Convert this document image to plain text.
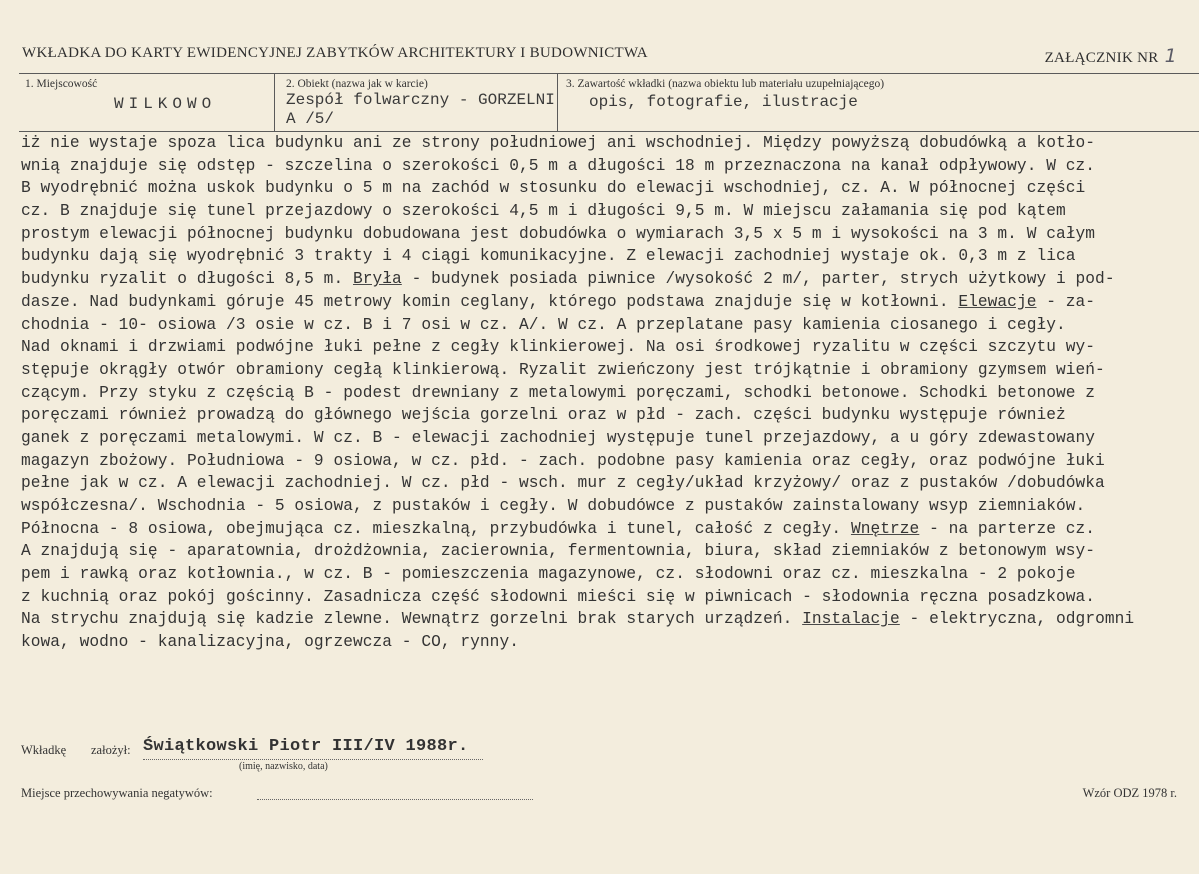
WKŁADKA DO KARTY EWIDENCYJNEJ ZABYTKÓW ARCHITEKTURY I BUDOWNICTWA	ZAŁĄCZNIK NR 1
1. Miejscowość
WILKOWO
2. Obiekt (nazwa jak w karcie)
Zespół folwarczny - GORZELNIA /5/
3. Zawartość wkładki (nazwa obiektu lub materiału uzupełniającego)
opis, fotografie, ilustracje
iż nie wystaje spoza lica budynku ani ze strony południowej ani wschodniej. Między powyższą dobudówką a kotło-
wnią znajduje się odstęp - szczelina o szerokości 0,5 m a długości 18 m przeznaczona na kanał odpływowy. W cz.
B wyodrębnić można uskok budynku o 5 m na zachód w stosunku do elewacji wschodniej, cz. A. W północnej części
cz. B znajduje się tunel przejazdowy o szerokości 4,5 m i długości 9,5 m. W miejscu załamania się pod kątem
prostym elewacji północnej budynku dobudowana jest dobudówka o wymiarach 3,5 x 5 m i wysokości na 3 m. W całym
budynku dają się wyodrębnić 3 trakty i 4 ciągi komunikacyjne. Z elewacji zachodniej wystaje ok. 0,3 m z lica
budynku ryzalit o długości 8,5 m. Bryła - budynek posiada piwnice /wysokość 2 m/, parter, strych użytkowy i pod-
dasze. Nad budynkami góruje 45 metrowy komin ceglany, którego podstawa znajduje się w kotłowni. Elewacje - za-
chodnia - 10- osiowa /3 osie w cz. B i 7 osi w cz. A/. W cz. A przeplatane pasy kamienia ciosanego i cegły.
Nad oknami i drzwiami podwójne łuki pełne z cegły klinkierowej. Na osi środkowej ryzalitu w części szczytu wy-
stępuje okrągły otwór obramiony cegłą klinkierową. Ryzalit zwieńczony jest trójkątnie i obramiony gzymsem wień-
czącym. Przy styku z częścią B - podest drewniany z metalowymi poręczami, schodki betonowe. Schodki betonowe z
poręczami również prowadzą do głównego wejścia gorzelni oraz w płd - zach. części budynku występuje również
ganek z poręczami metalowymi. W cz. B - elewacji zachodniej występuje tunel przejazdowy, a u góry zdewastowany
magazyn zbożowy. Południowa - 9 osiowa, w cz. płd. - zach. podobne pasy kamienia oraz cegły, oraz podwójne łuki
pełne jak w cz. A elewacji zachodniej. W cz. płd - wsch. mur z cegły/układ krzyżowy/ oraz z pustaków /dobudówka
współczesna/. Wschodnia - 5 osiowa, z pustaków i cegły. W dobudówce z pustaków zainstalowany wsyp ziemniaków.
Północna - 8 osiowa, obejmująca cz. mieszkalną, przybudówka i tunel, całość z cegły. Wnętrze - na parterze cz.
A znajdują się - aparatownia, drożdżownia, zacierownia, fermentownia, biura, skład ziemniaków z betonowym wsy-
pem i rawką oraz kotłownia., w cz. B - pomieszczenia magazynowe, cz. słodowni oraz cz. mieszkalna - 2 pokoje
z kuchnią oraz pokój gościnny. Zasadnicza część słodowni mieści się w piwnicach - słodownia ręczna posadzkowa.
Na strychu znajdują się kadzie zlewne. Wewnątrz gorzelni brak starych urządzeń. Instalacje - elektryczna, odgromni
kowa, wodno - kanalizacyjna, ogrzewcza - CO, rynny.
Wkładkę założył: Świątkowski Piotr III/IV 1988r.
(imię, nazwisko, data)
Miejsce przechowywania negatywów:	Wzór ODZ 1978 r.
